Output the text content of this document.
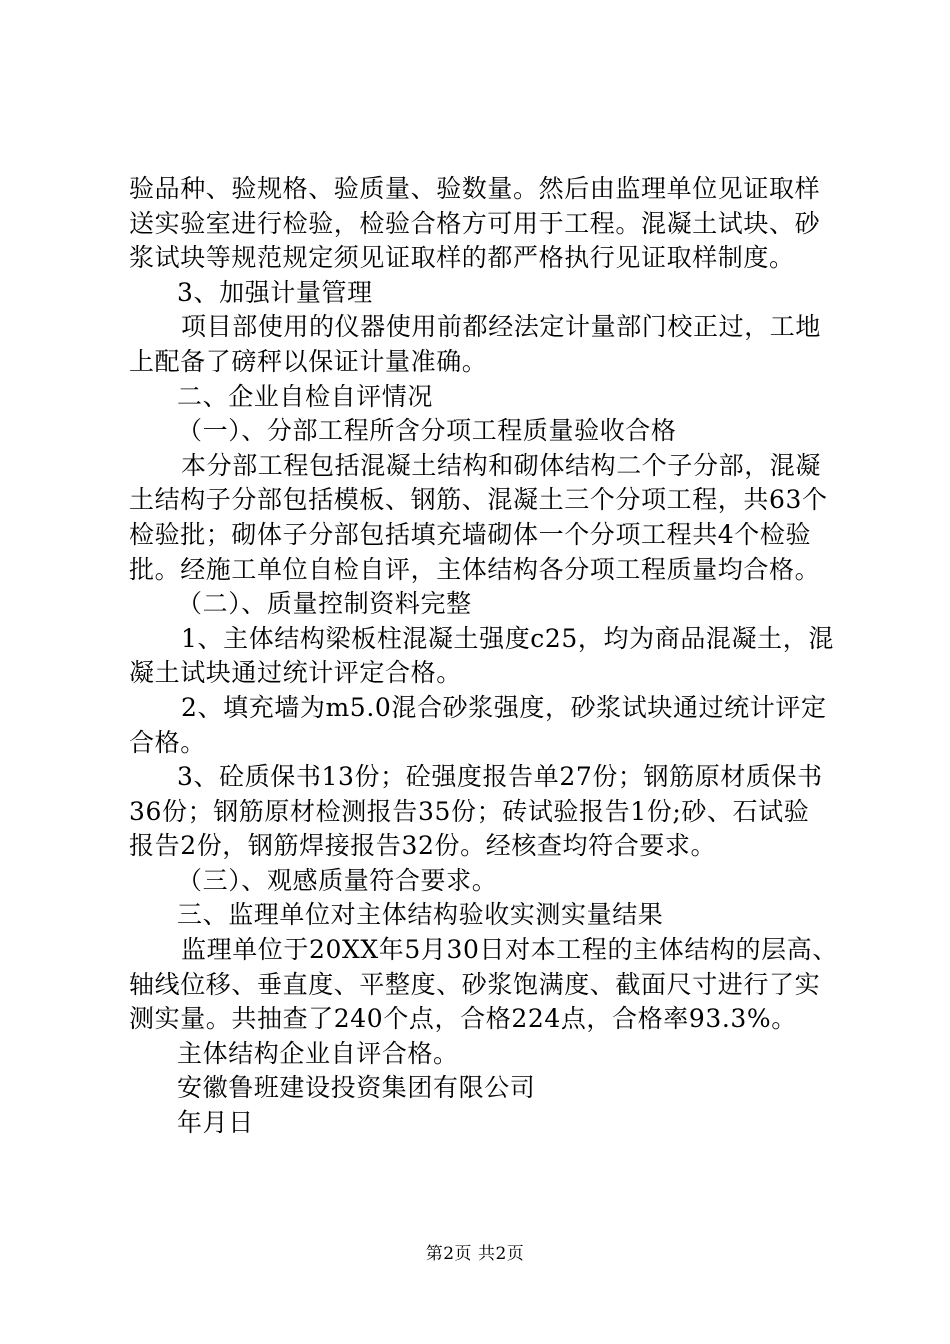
验品种、验规格、验质量、验数量。然后由监理单位见证取样
送实验室进行检验，检验合格方可用于工程。混凝土试块、砂
浆试块等规范规定须见证取样的都严格执行见证取样制度。
3、加强计量管理
项目部使用的仪器使用前都经法定计量部门校正过，工地
上配备了磅秤以保证计量准确。
二、企业自检自评情况
（一）、分部工程所含分项工程质量验收合格
本分部工程包括混凝土结构和砌体结构二个子分部，混凝
土结构子分部包括模板、钢筋、混凝土三个分项工程，共63个
检验批；砌体子分部包括填充墙砌体一个分项工程共4个检验
批。经施工单位自检自评，主体结构各分项工程质量均合格。
（二）、质量控制资料完整
1、主体结构梁板柱混凝土强度c25，均为商品混凝土，混
凝土试块通过统计评定合格。
2、填充墙为m5.0混合砂浆强度，砂浆试块通过统计评定
合格。
3、砼质保书13份；砼强度报告单27份；钢筋原材质保书
36份；钢筋原材检测报告35份；砖试验报告1份;砂、石试验
报告2份，钢筋焊接报告32份。经核查均符合要求。
（三）、观感质量符合要求。
三、监理单位对主体结构验收实测实量结果
监理单位于20XX年5月30日对本工程的主体结构的层高、
轴线位移、垂直度、平整度、砂浆饱满度、截面尺寸进行了实
测实量。共抽查了240个点，合格224点，合格率93.3%。
主体结构企业自评合格。
安徽鲁班建设投资集团有限公司
年月日
第2页 共2页
